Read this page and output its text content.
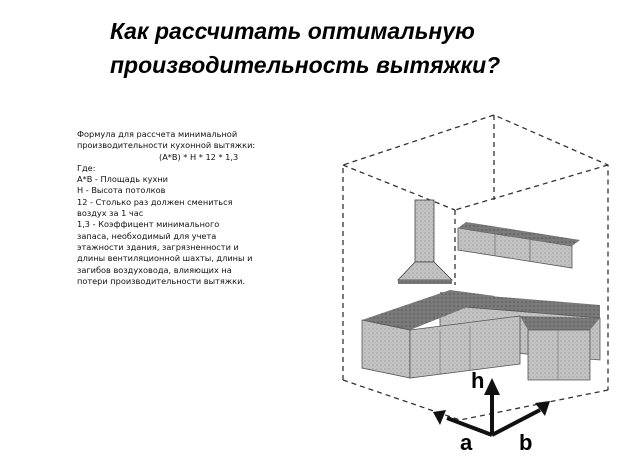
Как рассчитать оптимальную
производительность вытяжки?
Формула для рассчета минимальной
производительности кухонной вытяжки:
(A*B) * H * 12 * 1,3
Где:
A*B - Площадь кухни
H - Высота потолков
12 - Столько раз должен смениться
воздух за 1 час
1,3 - Коэффицент минимального
запаса, необходимый для учета
этажности здания, загрязненности и
длины вентиляционной шахты, длины и
загибов воздуховода, влияющих на
потери производительности вытяжки.
h
a b
